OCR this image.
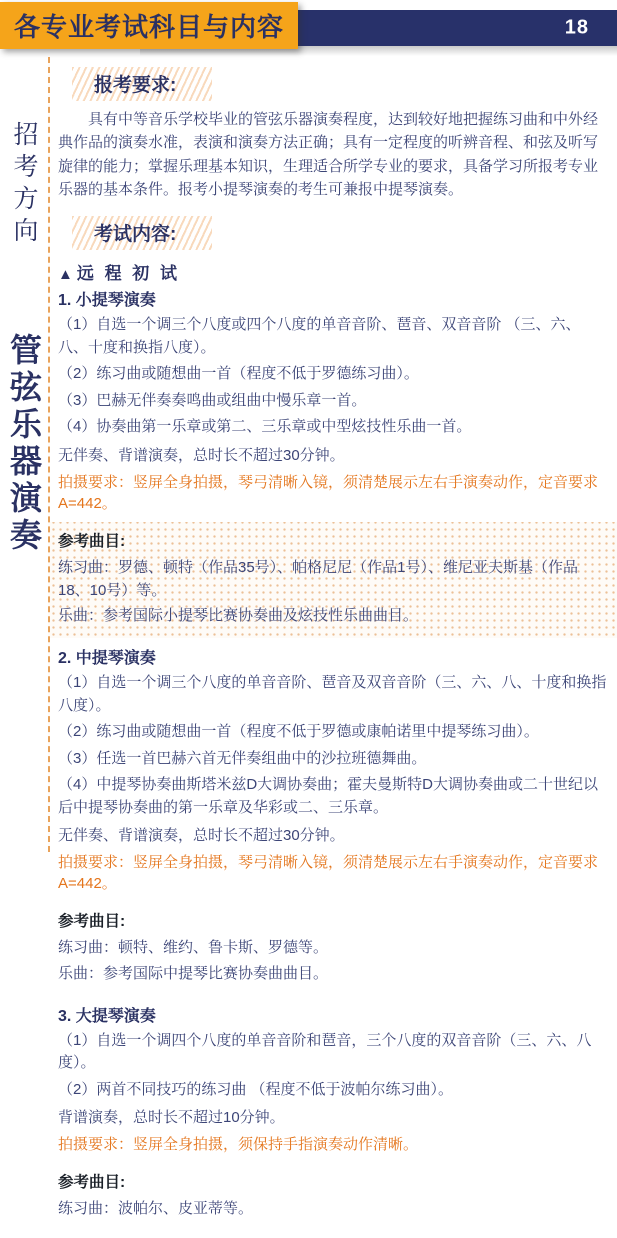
18
各专业考试科目与内容
招考方向
管弦乐器演奏
报考要求:

具有中等音乐学校毕业的管弦乐器演奏程度，达到较好地把握练习曲和中外经典作品的演奏水准，表演和演奏方法正确；具有一定程度的听辨音程、和弦及听写旋律的能力；掌握乐理基本知识，生理适合所学专业的要求，具备学习所报考专业乐器的基本条件。报考小提琴演奏的考生可兼报中提琴演奏。

考试内容:
▲ 远 程 初 试
1. 小提琴演奏
（1）自选一个调三个八度或四个八度的单音音阶、琶音、双音音阶 （三、六、八、十度和换指八度）。
（2）练习曲或随想曲一首（程度不低于罗德练习曲）。
（3）巴赫无伴奏奏鸣曲或组曲中慢乐章一首。
（4）协奏曲第一乐章或第二、三乐章或中型炫技性乐曲一首。
无伴奏、背谱演奏，总时长不超过30分钟。
拍摄要求：竖屏全身拍摄，琴弓清晰入镜，须清楚展示左右手演奏动作，定音要求A=442。
参考曲目:
练习曲：罗德、顿特（作品35号）、帕格尼尼（作品1号）、维尼亚夫斯基（作品18、10号）等。
乐曲：参考国际小提琴比赛协奏曲及炫技性乐曲曲目。
2. 中提琴演奏
（1）自选一个调三个八度的单音音阶、琶音及双音音阶（三、六、八、十度和换指八度）。
（2）练习曲或随想曲一首（程度不低于罗德或康帕诺里中提琴练习曲）。
（3）任选一首巴赫六首无伴奏组曲中的沙拉班德舞曲。
（4）中提琴协奏曲斯塔米兹D大调协奏曲；霍夫曼斯特D大调协奏曲或二十世纪以后中提琴协奏曲的第一乐章及华彩或二、三乐章。
无伴奏、背谱演奏，总时长不超过30分钟。
拍摄要求：竖屏全身拍摄，琴弓清晰入镜，须清楚展示左右手演奏动作，定音要求A=442。
参考曲目:
练习曲：顿特、维约、鲁卡斯、罗德等。
乐曲：参考国际中提琴比赛协奏曲曲目。
3. 大提琴演奏
（1）自选一个调四个八度的单音音阶和琶音，三个八度的双音音阶（三、六、八度）。
（2）两首不同技巧的练习曲 （程度不低于波帕尔练习曲）。
背谱演奏，总时长不超过10分钟。
拍摄要求：竖屏全身拍摄，须保持手指演奏动作清晰。
参考曲目:
练习曲：波帕尔、皮亚蒂等。
